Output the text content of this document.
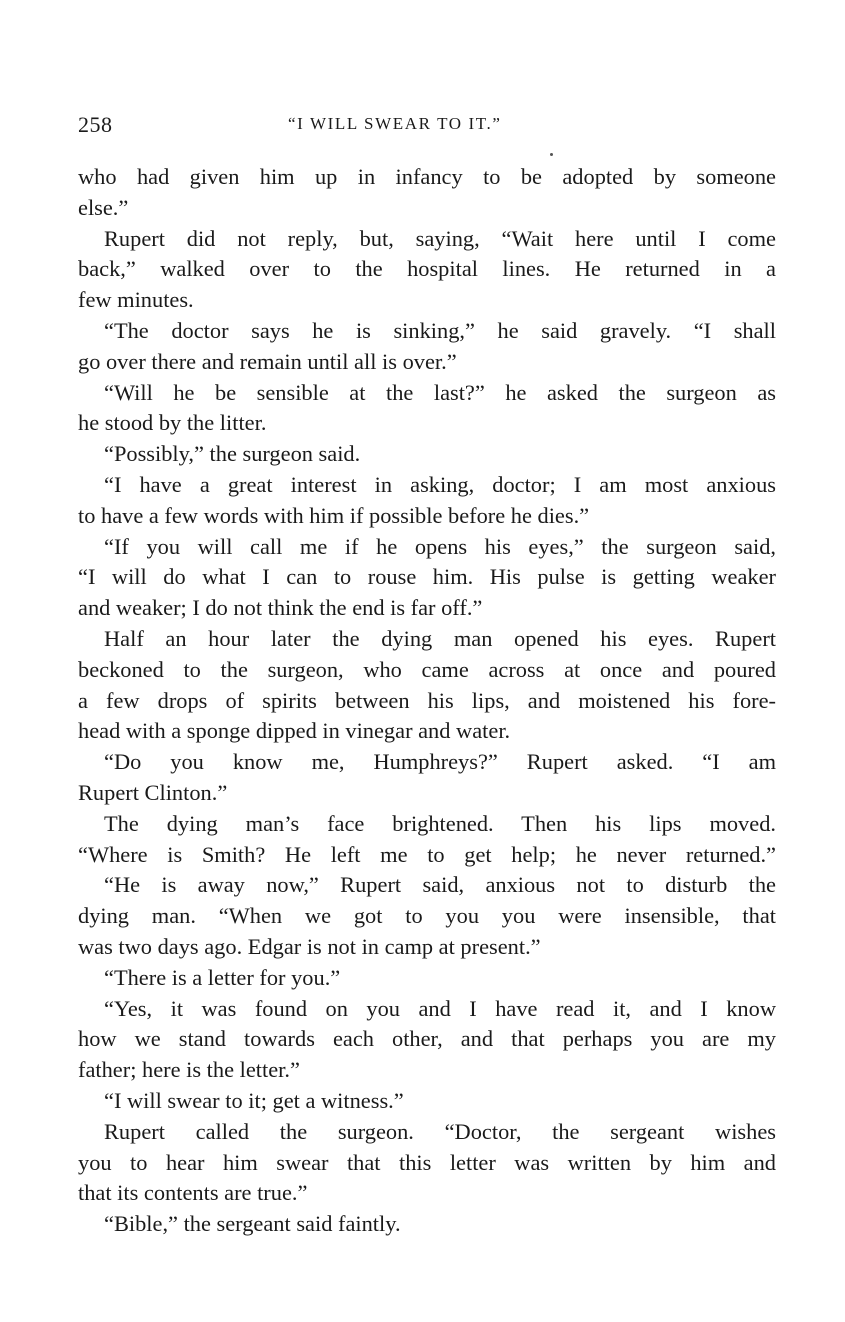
258	“I WILL SWEAR TO IT.”
who had given him up in infancy to be adopted by someone
else.”
Rupert did not reply, but, saying, “Wait here until I come
back,” walked over to the hospital lines. He returned in a
few minutes.
“The doctor says he is sinking,” he said gravely. “I shall
go over there and remain until all is over.”
“Will he be sensible at the last?” he asked the surgeon as
he stood by the litter.
“Possibly,” the surgeon said.
“I have a great interest in asking, doctor; I am most anxious
to have a few words with him if possible before he dies.”
“If you will call me if he opens his eyes,” the surgeon said,
“I will do what I can to rouse him. His pulse is getting weaker
and weaker; I do not think the end is far off.”
Half an hour later the dying man opened his eyes. Rupert
beckoned to the surgeon, who came across at once and poured
a few drops of spirits between his lips, and moistened his fore-
head with a sponge dipped in vinegar and water.
“Do you know me, Humphreys?” Rupert asked. “I am
Rupert Clinton.”
The dying man’s face brightened. Then his lips moved.
“Where is Smith? He left me to get help; he never returned.”
“He is away now,” Rupert said, anxious not to disturb the
dying man. “When we got to you you were insensible, that
was two days ago. Edgar is not in camp at present.”
“There is a letter for you.”
“Yes, it was found on you and I have read it, and I know
how we stand towards each other, and that perhaps you are my
father; here is the letter.”
“I will swear to it; get a witness.”
Rupert called the surgeon. “Doctor, the sergeant wishes
you to hear him swear that this letter was written by him and
that its contents are true.”
“Bible,” the sergeant said faintly.
